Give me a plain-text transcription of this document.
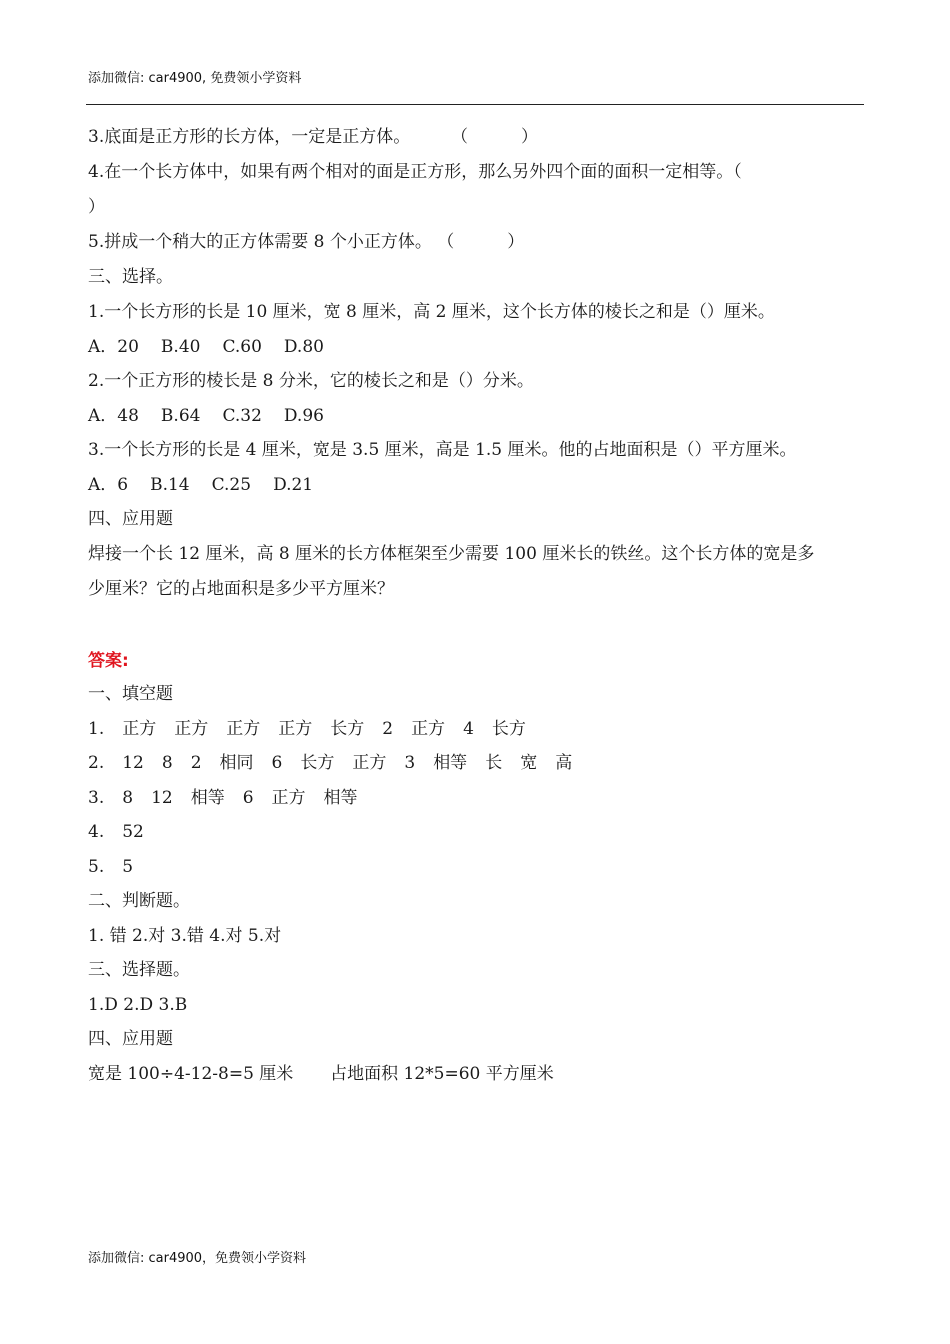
添加微信: car4900, 免费领小学资料
3.底面是正方形的长方体，一定是正方体。 （	）
4.在一个长方体中，如果有两个相对的面是正方形，那么另外四个面的面积一定相等。（
）
5.拼成一个稍大的正方体需要 8 个小正方体。 （	）
三、选择。
1.一个长方形的长是 10 厘米，宽 8 厘米，高 2 厘米，这个长方体的棱长之和是（）厘米。
A．20 B.40 C.60 D.80
2.一个正方形的棱长是 8 分米，它的棱长之和是（）分米。
A．48 B.64 C.32 D.96
3.一个长方形的长是 4 厘米，宽是 3.5 厘米，高是 1.5 厘米。他的占地面积是（）平方厘米。
A．6 B.14 C.25 D.21
四、应用题
焊接一个长 12 厘米，高 8 厘米的长方体框架至少需要 100 厘米长的铁丝。这个长方体的宽是多
少厘米？它的占地面积是多少平方厘米？
答案:
一、填空题
1. 正方 正方 正方 正方 长方 2 正方 4 长方
2. 12 8 2 相同 6 长方 正方 3 相等 长 宽 高
3. 8 12 相等 6 正方 相等
4. 52
5. 5
二、判断题。
1. 错 2.对 3.错 4.对 5.对
三、选择题。
1.D 2.D 3.B
四、应用题
宽是 100÷4-12-8=5 厘米 占地面积 12*5=60 平方厘米
添加微信: car4900，免费领小学资料
